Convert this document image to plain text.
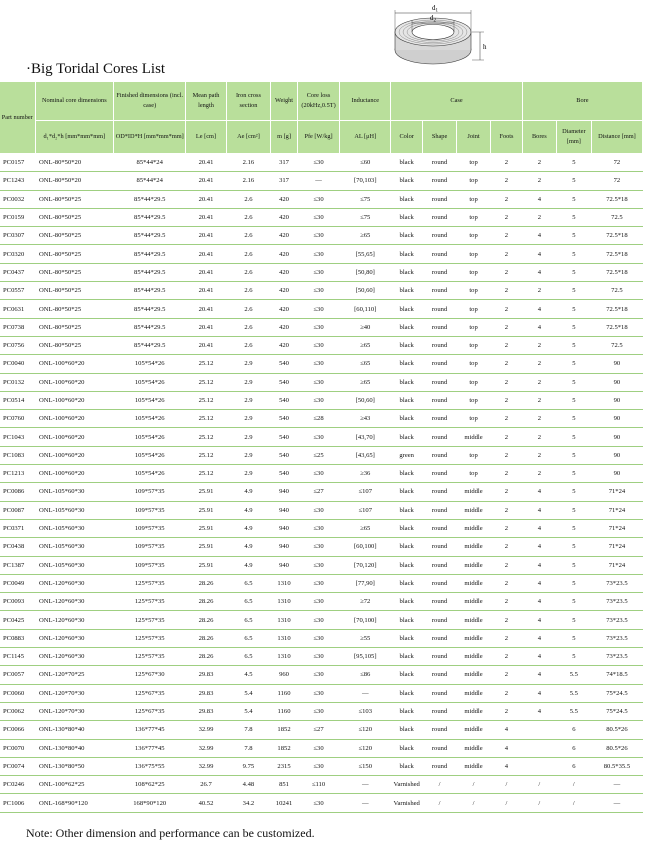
$d_1$
$d_2$
h
·Big Toridal Cores List
Part number	Nominal core dimensions	Finished dimensions (incl. case)	Mean path length	Iron cross section	Weight	Core loss (20kHz,0.5T)	Inductance	Case				Bore		
	d₁*d₂*h [mm*mm*mm]	OD*ID*H [mm*mm*mm]	Le [cm]	Ae [cm²]	m [g]	Pfe [W/kg]	AL [μH]	Color	Shape	Joint	Foots	Bores	Diameter [mm]	Distance [mm]
PC0157	ONL-80*50*20	85*44*24	20.41	2.16	317	≤30	≤60	black	round	top	2	2	5	72
PC1243	ONL-80*50*20	85*44*24	20.41	2.16	317	—	[70,103]	black	round	top	2	2	5	72
PC0032	ONL-80*50*25	85*44*29.5	20.41	2.6	420	≤30	≤75	black	round	top	2	4	5	72.5*18
PC0159	ONL-80*50*25	85*44*29.5	20.41	2.6	420	≤30	≤75	black	round	top	2	2	5	72.5
PC0307	ONL-80*50*25	85*44*29.5	20.41	2.6	420	≤30	≥65	black	round	top	2	4	5	72.5*18
PC0320	ONL-80*50*25	85*44*29.5	20.41	2.6	420	≤30	[55,65]	black	round	top	2	4	5	72.5*18
PC0437	ONL-80*50*25	85*44*29.5	20.41	2.6	420	≤30	[50,80]	black	round	top	2	4	5	72.5*18
PC0557	ONL-80*50*25	85*44*29.5	20.41	2.6	420	≤30	[50,60]	black	round	top	2	2	5	72.5
PC0631	ONL-80*50*25	85*44*29.5	20.41	2.6	420	≤30	[60,110]	black	round	top	2	4	5	72.5*18
PC0738	ONL-80*50*25	85*44*29.5	20.41	2.6	420	≤30	≥40	black	round	top	2	4	5	72.5*18
PC0756	ONL-80*50*25	85*44*29.5	20.41	2.6	420	≤30	≥65	black	round	top	2	2	5	72.5
PC0040	ONL-100*60*20	105*54*26	25.12	2.9	540	≤30	≤65	black	round	top	2	2	5	90
PC0132	ONL-100*60*20	105*54*26	25.12	2.9	540	≤30	≥65	black	round	top	2	2	5	90
PC0514	ONL-100*60*20	105*54*26	25.12	2.9	540	≤30	[50,60]	black	round	top	2	2	5	90
PC0760	ONL-100*60*20	105*54*26	25.12	2.9	540	≤28	≥43	black	round	top	2	2	5	90
PC1043	ONL-100*60*20	105*54*26	25.12	2.9	540	≤30	[43,70]	black	round	middle	2	2	5	90
PC1083	ONL-100*60*20	105*54*26	25.12	2.9	540	≤25	[43,65]	green	round	top	2	2	5	90
PC1213	ONL-100*60*20	105*54*26	25.12	2.9	540	≤30	≥36	black	round	top	2	2	5	90
PC0086	ONL-105*60*30	109*57*35	25.91	4.9	940	≤27	≤107	black	round	middle	2	4	5	71*24
PC0087	ONL-105*60*30	109*57*35	25.91	4.9	940	≤30	≤107	black	round	middle	2	4	5	71*24
PC0371	ONL-105*60*30	109*57*35	25.91	4.9	940	≤30	≥65	black	round	middle	2	4	5	71*24
PC0438	ONL-105*60*30	109*57*35	25.91	4.9	940	≤30	[60,100]	black	round	middle	2	4	5	71*24
PC1387	ONL-105*60*30	109*57*35	25.91	4.9	940	≤30	[70,120]	black	round	middle	2	4	5	71*24
PC0049	ONL-120*60*30	125*57*35	28.26	6.5	1310	≤30	[77,90]	black	round	middle	2	4	5	73*23.5
PC0093	ONL-120*60*30	125*57*35	28.26	6.5	1310	≤30	≥72	black	round	middle	2	4	5	73*23.5
PC0425	ONL-120*60*30	125*57*35	28.26	6.5	1310	≤30	[70,100]	black	round	middle	2	4	5	73*23.5
PC0883	ONL-120*60*30	125*57*35	28.26	6.5	1310	≤30	≥55	black	round	middle	2	4	5	73*23.5
PC1145	ONL-120*60*30	125*57*35	28.26	6.5	1310	≤30	[95,105]	black	round	middle	2	4	5	73*23.5
PC0057	ONL-120*70*25	125*67*30	29.83	4.5	960	≤30	≤86	black	round	middle	2	4	5.5	74*18.5
PC0060	ONL-120*70*30	125*67*35	29.83	5.4	1160	≤30	—	black	round	middle	2	4	5.5	75*24.5
PC0062	ONL-120*70*30	125*67*35	29.83	5.4	1160	≤30	≤103	black	round	middle	2	4	5.5	75*24.5
PC0066	ONL-130*80*40	136*77*45	32.99	7.8	1852	≤27	≤120	black	round	middle	4		6	80.5*26
PC0070	ONL-130*80*40	136*77*45	32.99	7.8	1852	≤30	≤120	black	round	middle	4		6	80.5*26
PC0074	ONL-130*80*50	136*75*55	32.99	9.75	2315	≤30	≤150	black	round	middle	4		6	80.5*35.5
PC0246	ONL-100*62*25	108*62*25	26.7	4.48	851	≤110	—	Varnished	/	/	/	/	/	—
PC1006	ONL-168*90*120	168*90*120	40.52	34.2	10241	≤30	—	Varnished	/	/	/	/	/	—
Note: Other dimension and performance can be customized.
